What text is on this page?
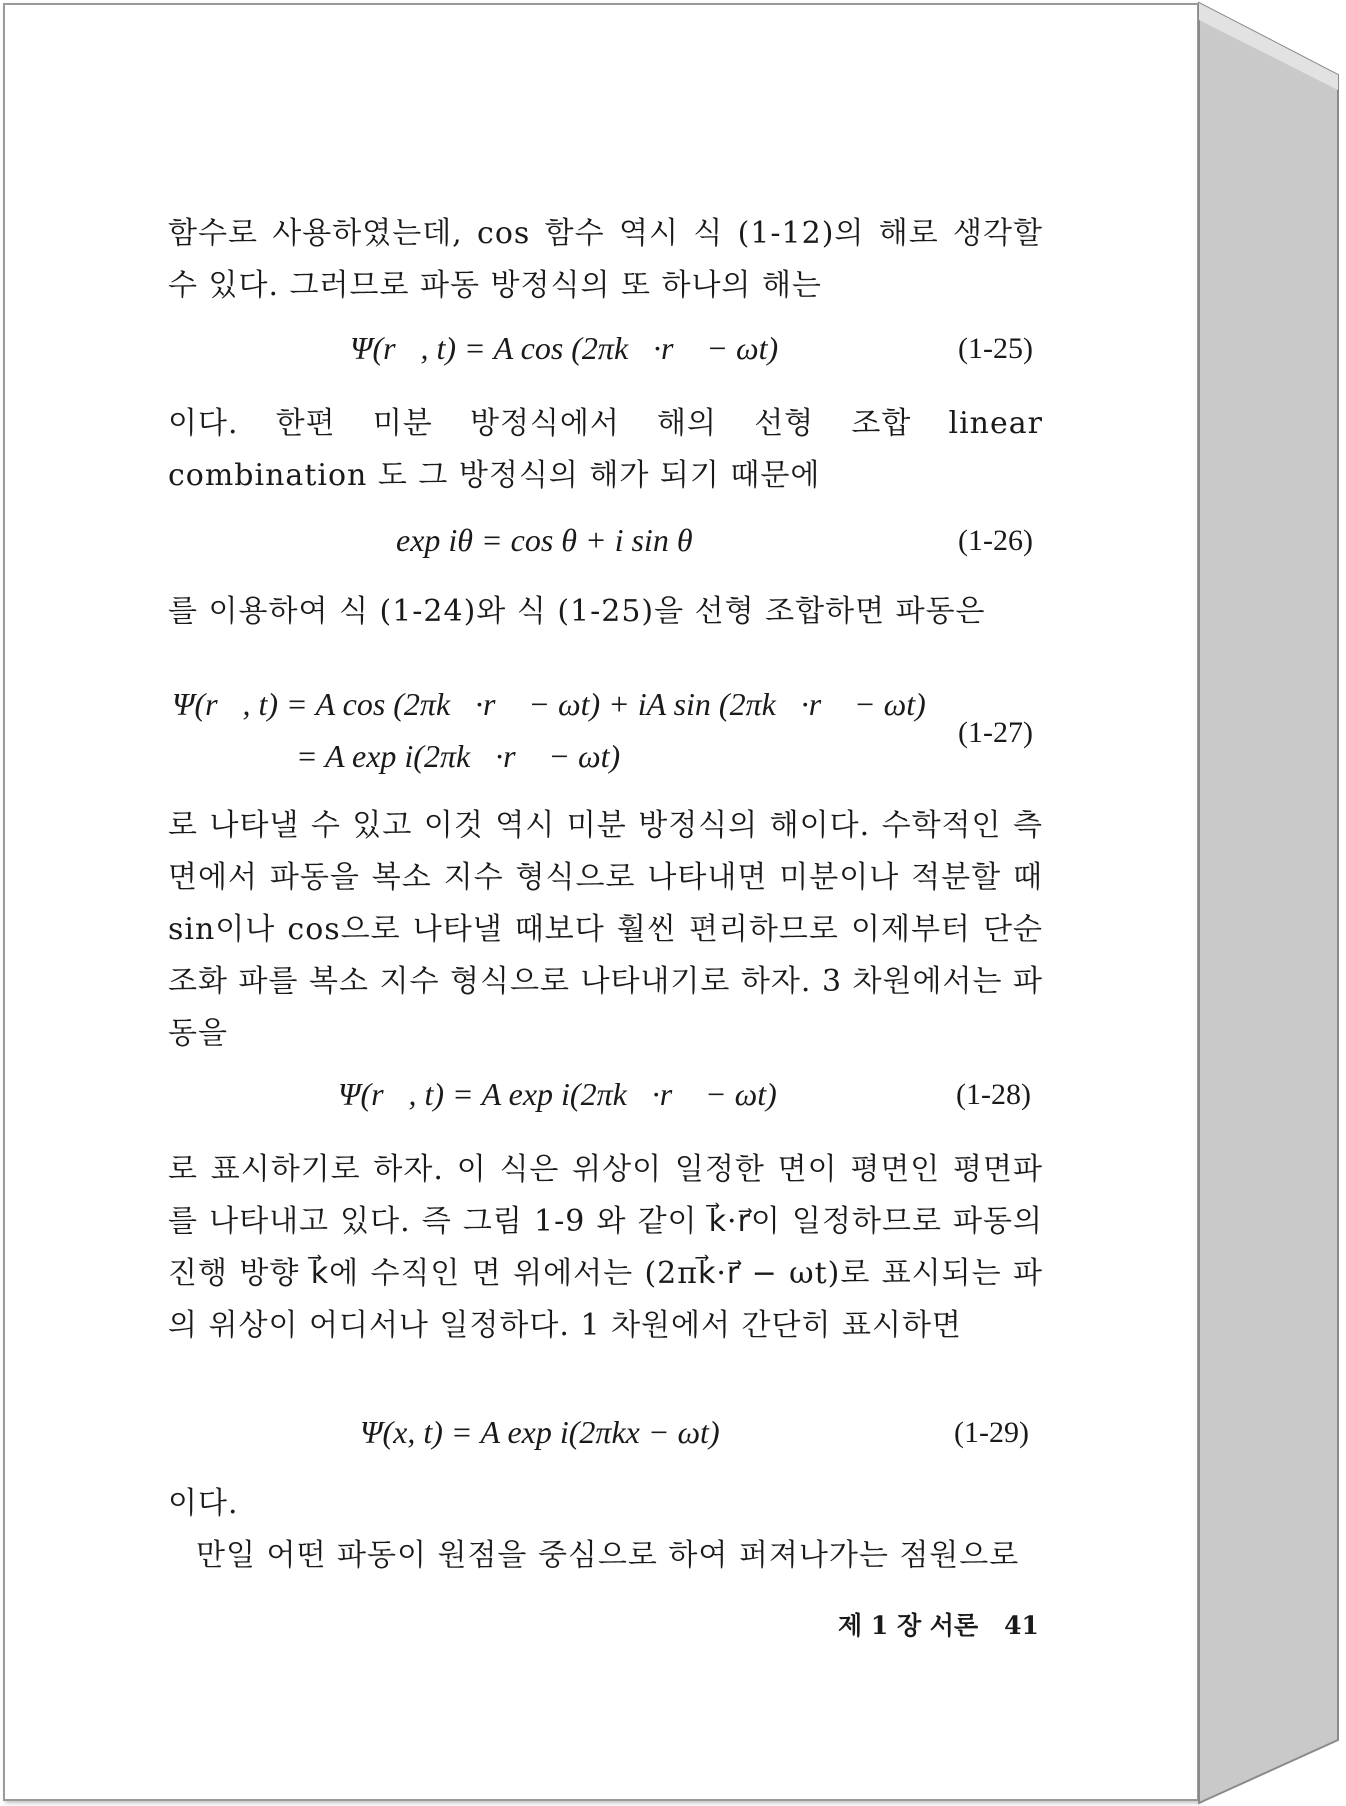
함수로 사용하였는데, cos 함수 역시 식 (1-12)의 해로 생각할 수 있다. 그러므로 파동 방정식의 또 하나의 해는
Ψ(r⃗, t) = A cos (2πk⃗·r⃗ − ωt)	(1-25)
이다. 한편 미분 방정식에서 해의 선형 조합 linear combination 도 그 방정식의 해가 되기 때문에
exp iθ = cos θ + i sin θ	(1-26)
를 이용하여 식 (1-24)와 식 (1-25)을 선형 조합하면 파동은
Ψ(r⃗, t) = A cos (2πk⃗·r⃗ − ωt) + iA sin (2πk⃗·r⃗ − ωt)
= A exp i(2πk⃗·r⃗ − ωt)
(1-27)
로 나타낼 수 있고 이것 역시 미분 방정식의 해이다. 수학적인 측면에서 파동을 복소 지수 형식으로 나타내면 미분이나 적분할 때 sin이나 cos으로 나타낼 때보다 훨씬 편리하므로 이제부터 단순 조화 파를 복소 지수 형식으로 나타내기로 하자. 3 차원에서는 파동을
Ψ(r⃗, t) = A exp i(2πk⃗·r⃗ − ωt)	(1-28)
로 표시하기로 하자. 이 식은 위상이 일정한 면이 평면인 평면파를 나타내고 있다. 즉 그림 1-9 와 같이 k⃗·r⃗이 일정하므로 파동의 진행 방향 k⃗에 수직인 면 위에서는 (2πk⃗·r⃗ − ωt)로 표시되는 파의 위상이 어디서나 일정하다. 1 차원에서 간단히 표시하면
Ψ(x, t) = A exp i(2πkx − ωt)	(1-29)
이다.
만일 어떤 파동이 원점을 중심으로 하여 퍼져나가는 점원으로
제 1 장 서론 41
